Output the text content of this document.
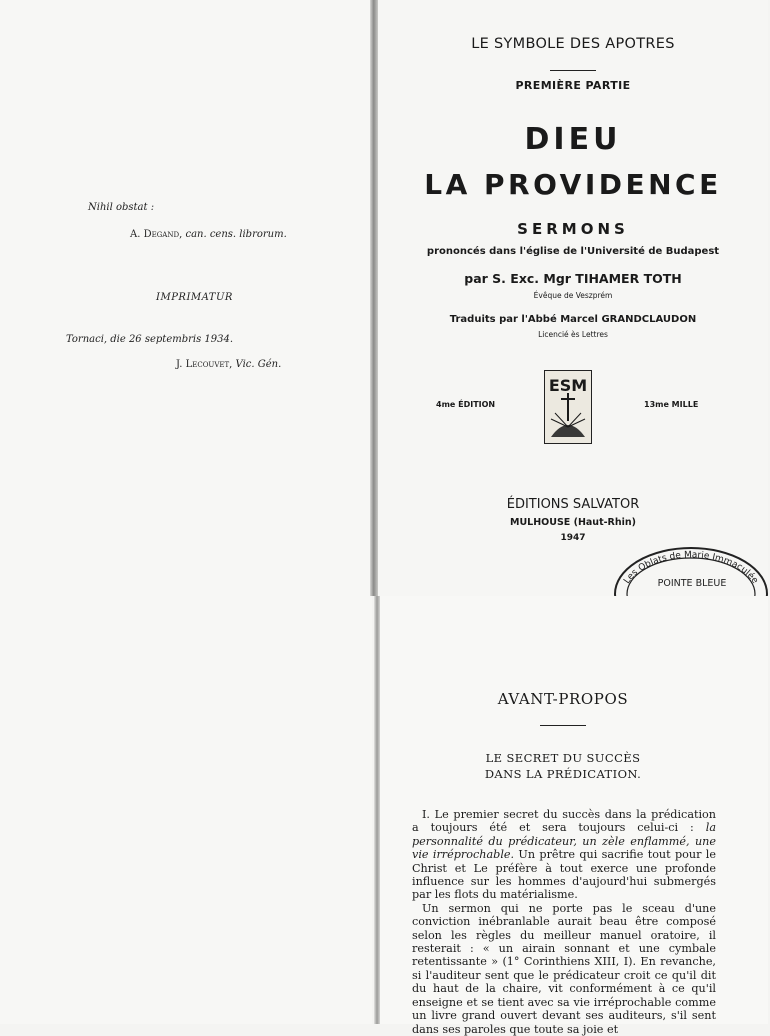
Nihil obstat :
A. Degand, can. cens. librorum.
IMPRIMATUR
Tornaci, die 26 septembris 1934.
J. Lecouvet, Vic. Gén.
LE SYMBOLE DES APOTRES
PREMIÈRE PARTIE
DIEU
LA PROVIDENCE
SERMONS
prononcés dans l'église de l'Université de Budapest
par S. Exc. Mgr TIHAMER TOTH
Évêque de Veszprém
Traduits par l'Abbé Marcel GRANDCLAUDON
Licencié ès Lettres
4me ÉDITION	13me MILLE
ESM
ÉDITIONS SALVATOR
MULHOUSE (Haut-Rhin)
1947
Les Oblats de Marie Immaculée
POINTE BLEUE
AVANT-PROPOS
LE SECRET DU SUCCÈS
DANS LA PRÉDICATION.

I. Le premier secret du succès dans la prédication a toujours été et sera toujours celui-ci : la personnalité du prédicateur, un zèle enflammé, une vie irréprochable. Un prêtre qui sacrifie tout pour le Christ et Le préfère à tout exerce une profonde influence sur les hommes d'aujourd'hui submergés par les flots du matérialisme.

Un sermon qui ne porte pas le sceau d'une conviction inébranlable aurait beau être composé selon les règles du meilleur manuel oratoire, il resterait : « un airain sonnant et une cymbale retentissante » (1° Corinthiens XIII, I). En revanche, si l'auditeur sent que le prédicateur croit ce qu'il dit du haut de la chaire, vit conformément à ce qu'il enseigne et se tient avec sa vie irréprochable comme un livre grand ouvert devant ses auditeurs, s'il sent dans ses paroles que toute sa joie et
